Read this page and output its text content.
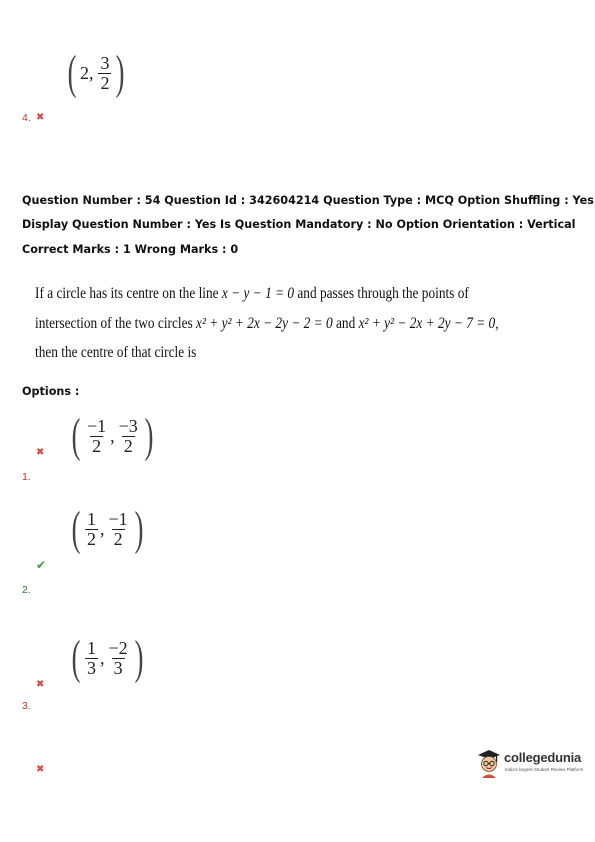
( 2, $\frac{3}{2}$ )
4. ✖
Question Number : 54 Question Id : 342604214 Question Type : MCQ Option Shuffling : Yes
Display Question Number : Yes Is Question Mandatory : No Option Orientation : Vertical
Correct Marks : 1 Wrong Marks : 0
If a circle has its centre on the line x − y − 1 = 0 and passes through the points of
intersection of the two circles x² + y² + 2x − 2y − 2 = 0 and x² + y² − 2x + 2y − 7 = 0,
then the centre of that circle is
Options :
✖ ( $\frac{-1}{2}$ , $\frac{-3}{2}$ )
1.
( $\frac{1}{2}$ , $\frac{-1}{2}$ )
✔
2.
( $\frac{1}{3}$ , $\frac{-2}{3}$ )
✖
3.
✖
collegedunia
India's largest Student Review Platform
